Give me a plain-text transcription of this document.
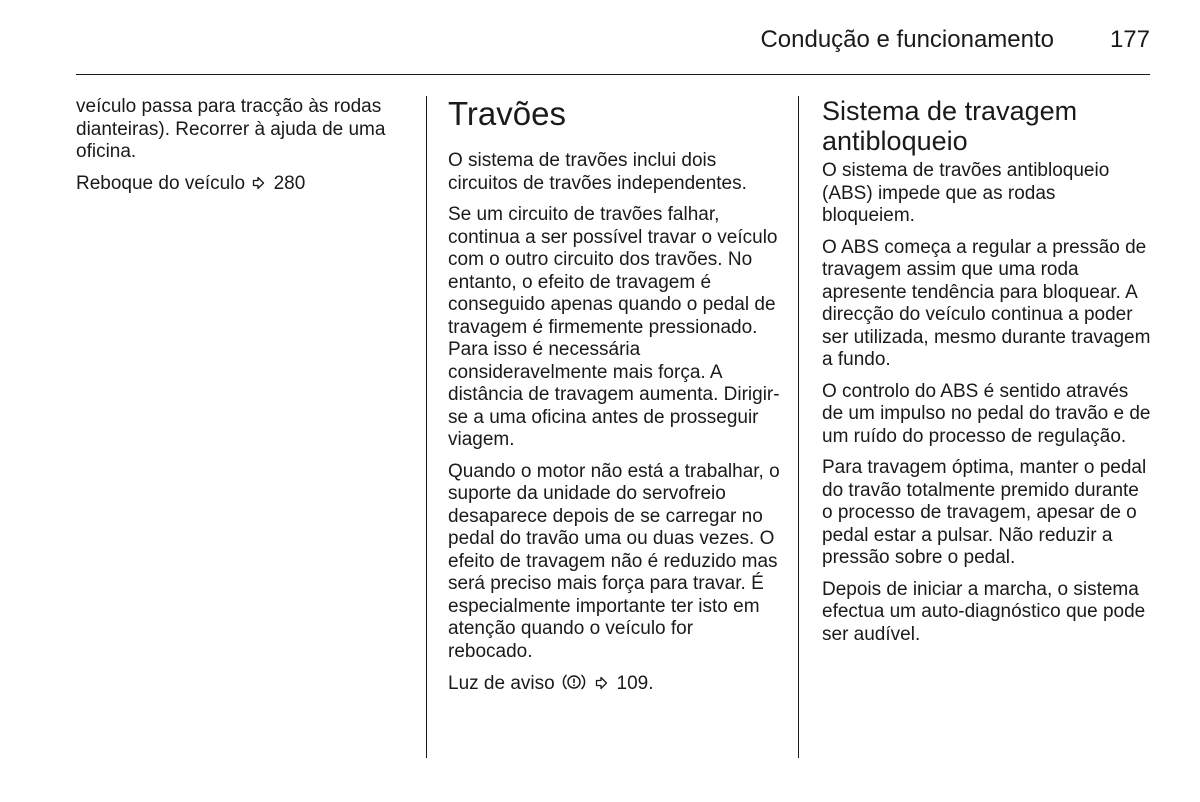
Condução e funcionamento 177

veículo passa para tracção às rodas dianteiras). Recorrer à ajuda de uma oficina.

Reboque do veículo 280

Travões

O sistema de travões inclui dois circuitos de travões independentes.

Se um circuito de travões falhar, continua a ser possível travar o veículo com o outro circuito dos travões. No entanto, o efeito de travagem é conseguido apenas quando o pedal de travagem é firmemente pressionado. Para isso é necessária consideravelmente mais força. A distância de travagem aumenta. Dirigir-se a uma oficina antes de prosseguir viagem.

Quando o motor não está a trabalhar, o suporte da unidade do servofreio desaparece depois de se carregar no pedal do travão uma ou duas vezes. O efeito de travagem não é reduzido mas será preciso mais força para travar. É especialmente importante ter isto em atenção quando o veículo for rebocado.

Luz de aviso	109.

Sistema de travagem antibloqueio

O sistema de travões antibloqueio (ABS) impede que as rodas bloqueiem.

O ABS começa a regular a pressão de travagem assim que uma roda apresente tendência para bloquear. A direcção do veículo continua a poder ser utilizada, mesmo durante travagem a fundo.

O controlo do ABS é sentido através de um impulso no pedal do travão e de um ruído do processo de regulação.

Para travagem óptima, manter o pedal do travão totalmente premido durante o processo de travagem, apesar de o pedal estar a pulsar. Não reduzir a pressão sobre o pedal.

Depois de iniciar a marcha, o sistema efectua um auto-diagnóstico que pode ser audível.
